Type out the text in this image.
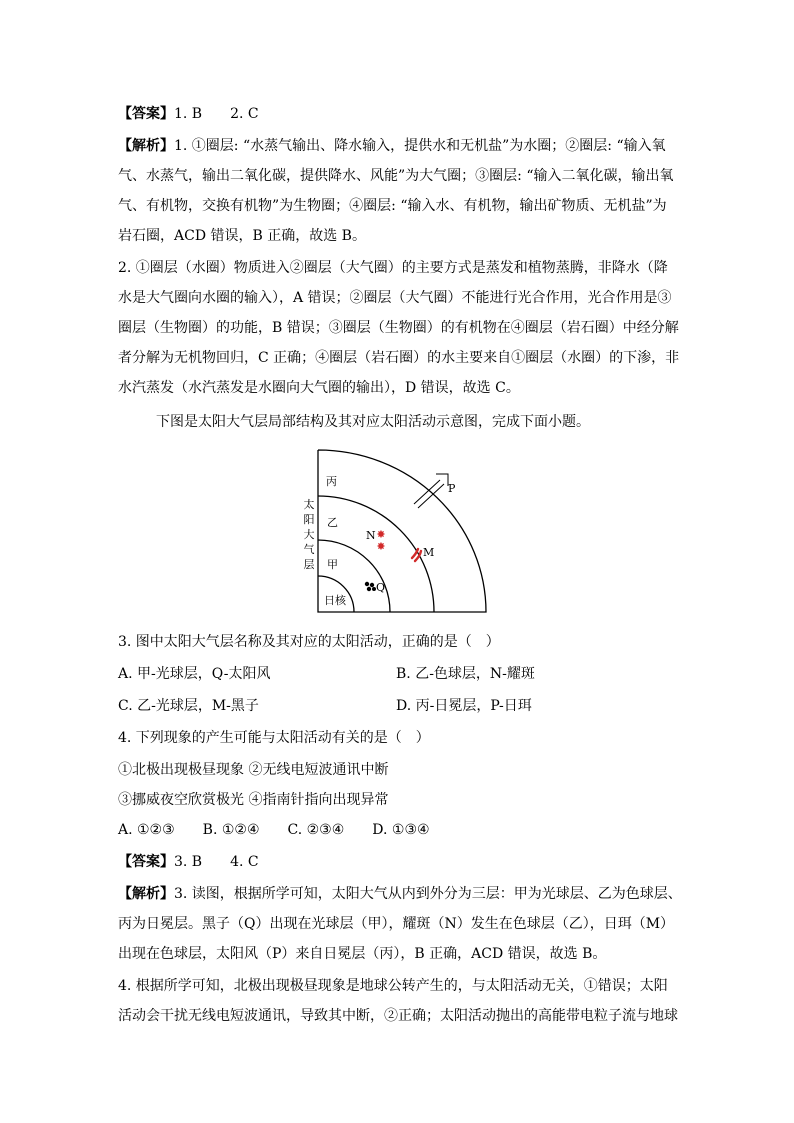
【答案】1. B　　2. C
【解析】1. ①圈层: “水蒸气输出、降水输入，提供水和无机盐”为水圈；②圈层: “输入氧
气、水蒸气，输出二氧化碳，提供降水、风能”为大气圈；③圈层: “输入二氧化碳，输出氧
气、有机物，交换有机物”为生物圈；④圈层: “输入水、有机物，输出矿物质、无机盐”为
岩石圈，ACD 错误，B 正确，故选 B。
2. ①圈层（水圈）物质进入②圈层（大气圈）的主要方式是蒸发和植物蒸腾，非降水（降
水是大气圈向水圈的输入），A 错误；②圈层（大气圈）不能进行光合作用，光合作用是③
圈层（生物圈）的功能，B 错误；③圈层（生物圈）的有机物在④圈层（岩石圈）中经分解
者分解为无机物回归，C 正确；④圈层（岩石圈）的水主要来自①圈层（水圈）的下渗，非
水汽蒸发（水汽蒸发是水圈向大气圈的输出），D 错误，故选 C。
下图是太阳大气层局部结构及其对应太阳活动示意图，完成下面小题。
太
阳
大
气
层
丙
乙
甲
日核
P
N
M
Q
✸
✸
3. 图中太阳大气层名称及其对应的太阳活动，正确的是（　）
A. 甲-光球层，Q-太阳风	B. 乙-色球层，N-耀斑
C. 乙-光球层，M-黑子	D. 丙-日冕层，P-日珥
4. 下列现象的产生可能与太阳活动有关的是（　）
①北极出现极昼现象 ②无线电短波通讯中断
③挪威夜空欣赏极光 ④指南针指向出现异常
A. ①②③　　B. ①②④　　C. ②③④　　D. ①③④
【答案】3. B　　4. C
【解析】3. 读图，根据所学可知，太阳大气从内到外分为三层：甲为光球层、乙为色球层、
丙为日冕层。黑子（Q）出现在光球层（甲），耀斑（N）发生在色球层（乙），日珥（M）
出现在色球层，太阳风（P）来自日冕层（丙），B 正确，ACD 错误，故选 B。
4. 根据所学可知，北极出现极昼现象是地球公转产生的，与太阳活动无关，①错误；太阳
活动会干扰无线电短波通讯，导致其中断，②正确；太阳活动抛出的高能带电粒子流与地球
